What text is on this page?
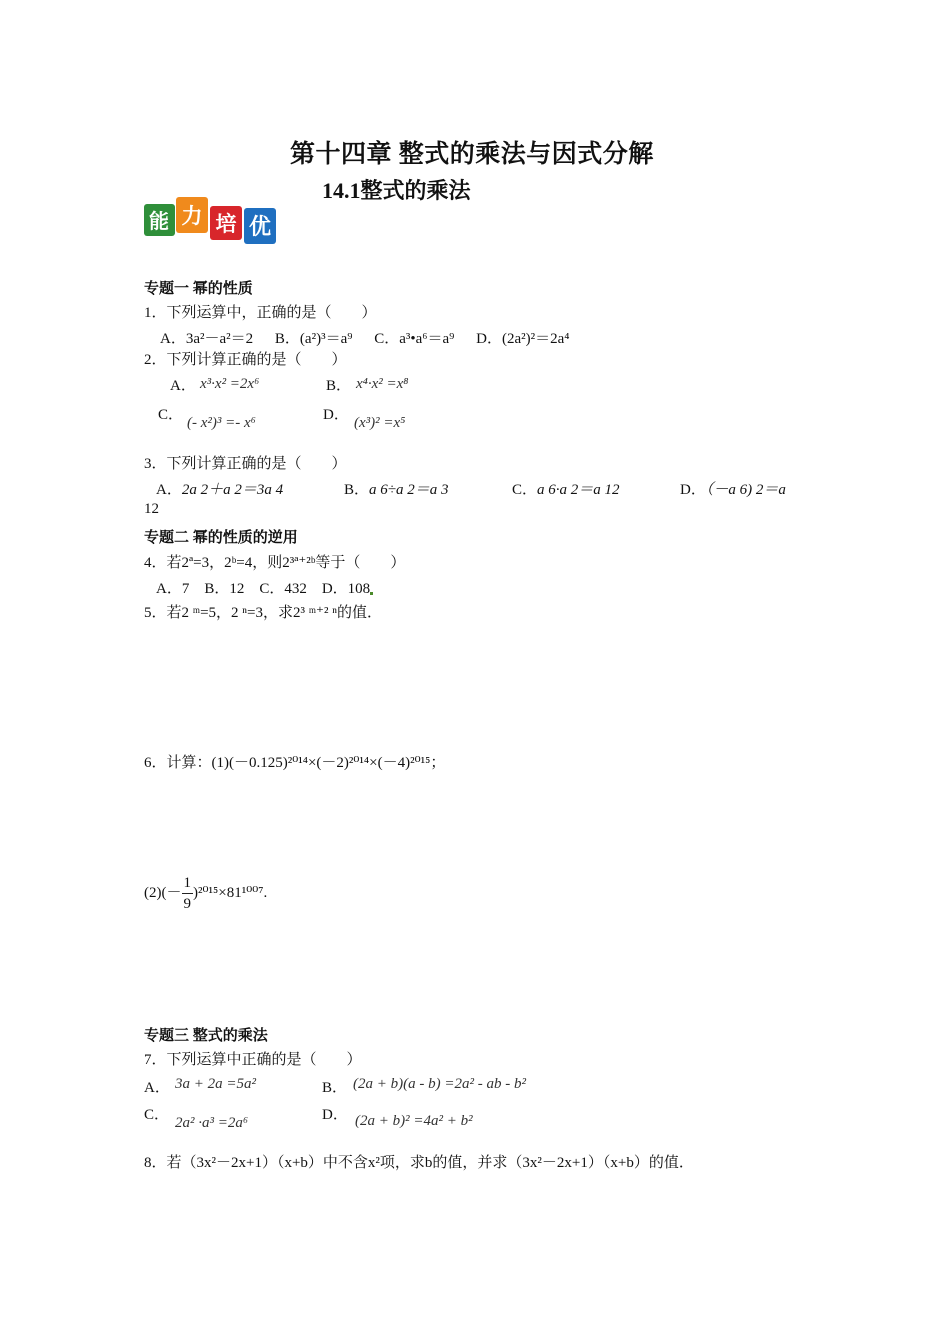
第十四章 整式的乘法与因式分解
14.1整式的乘法
能 力 培 优
专题一 幂的性质
1．下列运算中，正确的是（　　）
A．3a²－a²＝2 B．(a²)³＝a⁹ C．a³•a⁶＝a⁹ D．(2a²)²＝2a⁴
2．下列计算正确的是（　　）
A． x³·x² =2x⁶	B． x⁴·x² =x⁸
C． (- x²)³ =- x⁶	D． (x³)² =x⁵
3．下列计算正确的是（　　）
A．2a 2＋a 2＝3a 4	B．a 6÷a 2＝a 3	C．a 6·a 2＝a 12	D．（－a 6) 2＝a
12
专题二 幂的性质的逆用
4．若2ª=3，2ᵇ=4，则2³ª⁺²ᵇ等于（　　）
A．7　B．12　C．432　D．108
5．若2 ᵐ=5，2 ⁿ=3，求2³ ᵐ⁺² ⁿ的值．
6．计算：(1)(－0.125)²⁰¹⁴×(－2)²⁰¹⁴×(－4)²⁰¹⁵；
$(2)(- \frac{1}{9} )^{2015}\times 81^{1007}$.
专题三 整式的乘法
7．下列运算中正确的是（　　）
A． 3a + 2a =5a²	B． (2a + b)(a - b) =2a² - ab - b²
C． 2a² ·a³ =2a⁶	D． (2a + b)² =4a² + b²
8．若（3x²－2x+1）（x+b）中不含x²项，求b的值，并求（3x²－2x+1）（x+b）的值．
